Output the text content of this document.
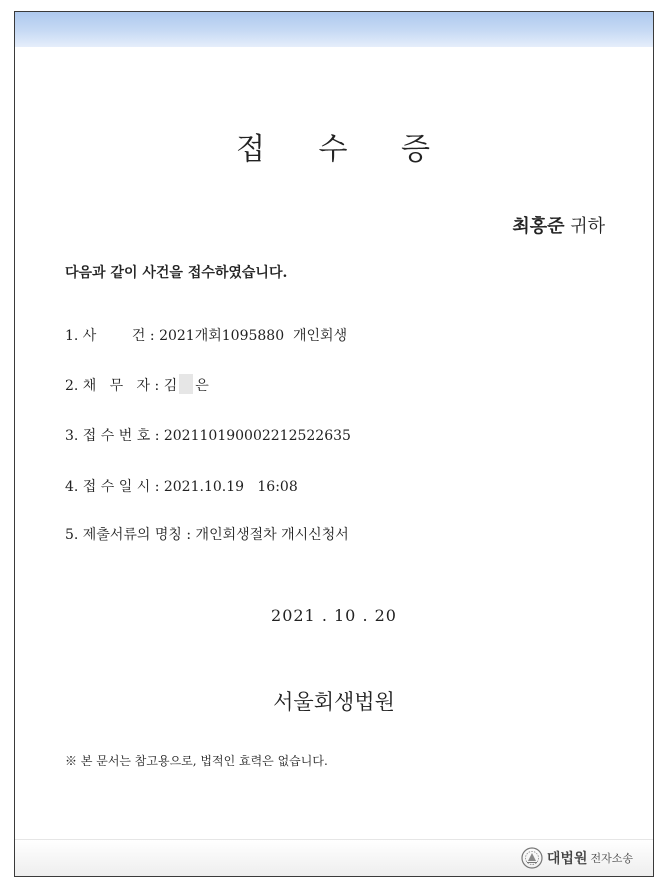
접 수 증
최홍준 귀하
다음과 같이 사건을 접수하였습니다.
1. 사        건 : 2021개회1095880  개인회생
2. 채   무   자 : 김 은
3. 접 수 번 호 : 20211019000221252263​5
4. 접 수 일 시 : 2021.10.19   16:08
5. 제출서류의 명칭 : 개인회생절차 개시신청서
2021 . 10 . 20
서울회생법원
※ 본 문서는 참고용으로, 법적인 효력은 없습니다.
대법원 전자소송
